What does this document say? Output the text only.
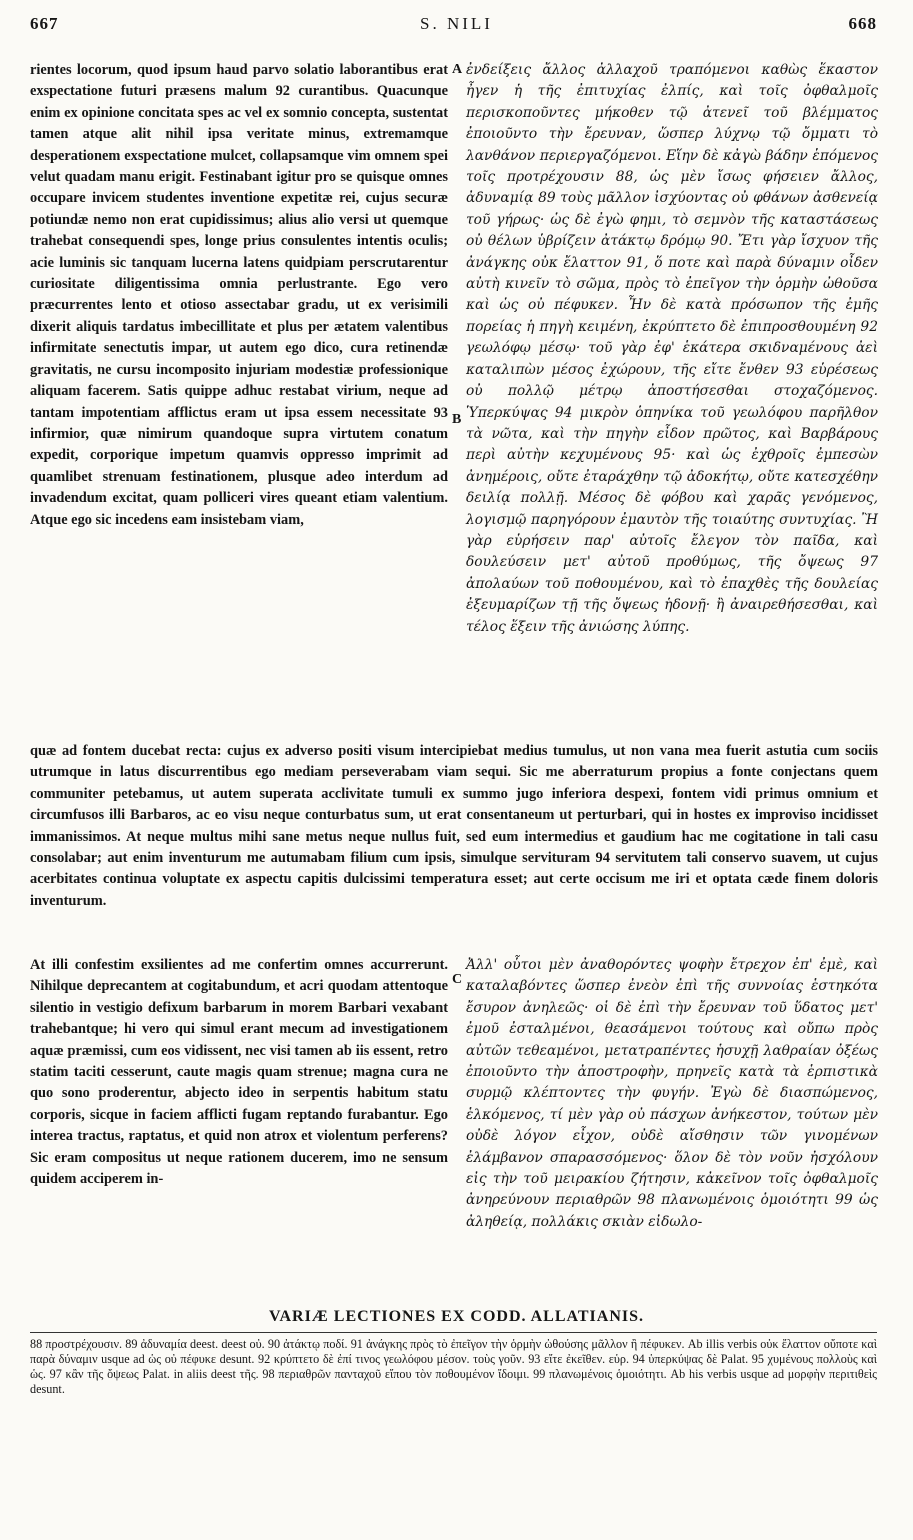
667	S. NILI	668

rientes locorum, quod ipsum haud parvo solatio laborantibus erat exspectatione futuri præsens malum 92 curantibus. Quacunque enim ex opinione concitata spes ac vel ex somnio concepta, sustentat tamen atque alit nihil ipsa veritate minus, extremamque desperationem exspectatione mulcet, collapsamque vim omnem spei velut quadam manu erigit. Festinabant igitur pro se quisque omnes occupare invicem studentes inventione expetitæ rei, cujus securæ potiundæ nemo non erat cupidissimus; alius alio versi ut quemque trahebat consequendi spes, longe prius consulentes intentis oculis; acie luminis sic tanquam lucerna latens quidpiam perscrutarentur curiositate diligentissima omnia perlustrante. Ego vero præcurrentes lento et otioso assectabar gradu, ut ex verisimili dixerit aliquis tardatus imbecillitate et plus per ætatem valentibus infirmitate senectutis impar, ut autem ego dico, cura retinendæ gravitatis, ne cursu incomposito injuriam modestiæ professionique aliquam facerem. Satis quippe adhuc restabat virium, neque ad tantam impotentiam afflictus eram ut ipsa essem necessitate 93 infirmior, quæ nimirum quandoque supra virtutem conatum expedit, corporique impetum quamvis oppresso imprimit ad quamlibet strenuam festinationem, plusque adeo interdum ad invadendum excitat, quam polliceri vires queant etiam valentium. Atque ego sic incedens eam insistebam viam,

A ἐνδείξεις ἄλλος ἀλλαχοῦ τραπόμενοι καθὼς ἕκαστον ἦγεν ἡ τῆς ἐπιτυχίας ἐλπίς, καὶ τοῖς ὀφθαλμοῖς περισκοποῦντες μήκοθεν τῷ ἀτενεῖ τοῦ βλέμματος ἐποιοῦντο τὴν ἔρευναν, ὥσπερ λύχνῳ τῷ ὄμματι τὸ λανθάνον περιεργαζόμενοι. Εἵην δὲ κἀγὼ βάδην ἑπόμενος τοῖς προτρέχουσιν 88, ὡς μὲν ἴσως φήσειεν ἄλλος, ἀδυναμίᾳ 89 τοὺς μᾶλλον ἰσχύοντας οὐ φθάνων ἀσθενείᾳ τοῦ γήρως· ὡς δὲ ἐγὼ φημι, τὸ σεμνὸν τῆς καταστάσεως οὐ θέλων ὑβρίζειν ἀτάκτῳ δρόμῳ 90. Ἔτι γὰρ ἴσχυον τῆς ἀνάγκης οὐκ ἔλαττον 91, ὅ ποτε καὶ παρὰ δύναμιν οἶδεν αὐτὴ κινεῖν τὸ σῶμα, πρὸς τὸ ἐπεῖγον τὴν ὁρμὴν ὠθοῦσα καὶ ὡς οὐ πέφυκεν. Ἦν δὲ κατὰ πρόσωπον τῆς ἐμῆς πορείας ἡ πηγὴ κειμένη, ἐκρύπτετο δὲ ἐπιπροσθουμένη 92 γεωλόφῳ μέσῳ· τοῦ γὰρ ἐφ' ἑκάτερα σκιδναμένους ἀεὶ καταλιπὼν μέσος ἐχώρουν, τῆς εἴτε ἔνθεν 93 εὑρέσεως οὐ πολλῷ μέτρῳ ἀποστήσεσθαι στοχαζόμενος. Ὑπερκύψας 94 μικρὸν ὁπηνίκα τοῦ γεωλόφου παρῆλθον τὰ νῶτα, καὶ τὴν πηγὴν εἶδον πρῶτος, καὶ Βαρβάρους περὶ αὐτὴν κεχυμένους 95· καὶ ὡς ἐχθροῖς ἐμπεσὼν ἀνημέροις, οὔτε ἐταράχθην τῷ ἀδοκήτῳ, οὔτε κατεσχέθην δειλίᾳ πολλῇ. Μέσος δὲ φόβου καὶ χαρᾶς γενόμενος, λογισμῷ παρηγόρουν ἐμαυτὸν τῆς τοιαύτης συντυχίας. Ἢ γὰρ εὑρήσειν παρ' αὐτοῖς ἔλεγον τὸν παῖδα, καὶ δουλεύσειν μετ' αὐτοῦ προθύμως, τῆς ὄψεως 97 ἀπολαύων τοῦ ποθουμένου, καὶ τὸ ἐπαχθὲς τῆς δουλείας ἐξευμαρίζων τῇ τῆς ὄψεως ἡδονῇ· ἢ ἀναιρεθήσεσθαι, καὶ τέλος ἕξειν τῆς ἀνιώσης λύπης.

B

quæ ad fontem ducebat recta: cujus ex adverso positi visum intercipiebat medius tumulus, ut non vana mea fuerit astutia cum sociis utrumque in latus discurrentibus ego mediam perseverabam viam sequi. Sic me aberraturum propius a fonte conjectans quem communiter petebamus, ut autem superata acclivitate tumuli ex summo jugo inferiora despexi, fontem vidi primus omnium et circumfusos illi Barbaros, ac eo visu neque conturbatus sum, ut erat consentaneum ut perturbari, qui in hostes ex improviso incidisset immanissimos. At neque multus mihi sane metus neque nullus fuit, sed eum intermedius et gaudium hac me cogitatione in tali casu consolabar; aut enim inventurum me autumabam filium cum ipsis, simulque servituram 94 servitutem tali conservo suavem, ut cujus acerbitates continua voluptate ex aspectu capitis dulcissimi temperatura esset; aut certe occisum me iri et optata cæde finem doloris inventurum.

At illi confestim exsilientes ad me confertim omnes accurrerunt. Nihilque deprecantem at cogitabundum, et acri quodam attentoque silentio in vestigio defixum barbarum in morem Barbari vexabant trahebantque; hi vero qui simul erant mecum ad investigationem aquæ præmissi, cum eos vidissent, nec visi tamen ab iis essent, retro statim taciti cesserunt, caute magis quam strenue; magna cura ne quo sono proderentur, abjecto ideo in serpentis habitum statu corporis, sicque in faciem afflicti fugam reptando furabantur. Ego interea tractus, raptatus, et quid non atrox et violentum perferens? Sic eram compositus ut neque rationem ducerem, imo ne sensum quidem acciperem in-

C

Ἀλλ' οὗτοι μὲν ἀναθορόντες ψοφὴν ἔτρεχον ἐπ' ἐμὲ, καὶ καταλαβόντες ὥσπερ ἐνεὸν ἐπὶ τῆς συννοίας ἑστηκότα ἔσυρον ἀνηλεῶς· οἱ δὲ ἐπὶ τὴν ἔρευναν τοῦ ὕδατος μετ' ἐμοῦ ἐσταλμένοι, θεασάμενοι τούτους καὶ οὔπω πρὸς αὐτῶν τεθεαμένοι, μετατραπέντες ἡσυχῇ λαθραίαν ὀξέως ἐποιοῦντο τὴν ἀποστροφὴν, πρηνεῖς κατὰ τὰ ἑρπιστικὰ συρμῷ κλέπτοντες τὴν φυγήν. Ἐγὼ δὲ διασπώμενος, ἑλκόμενος, τί μὲν γὰρ οὐ πάσχων ἀνήκεστον, τούτων μὲν οὐδὲ λόγον εἶχον, οὐδὲ αἴσθησιν τῶν γινομένων ἐλάμβανον σπαρασσόμενος· ὅλον δὲ τὸν νοῦν ἠσχόλουν εἰς τὴν τοῦ μειρακίου ζήτησιν, κἀκεῖνον τοῖς ὀφθαλμοῖς ἀνηρεύνουν περιαθρῶν 98 πλανωμένοις ὁμοιότητι 99 ὡς ἀληθείᾳ, πολλάκις σκιὰν εἰδωλο-

VARIÆ LECTIONES EX CODD. ALLATIANIS.

88 προστρέχουσιν. 89 ἀδυναμία deest. deest οὐ. 90 ἀτάκτῳ ποδί. 91 ἀνάγκης πρὸς τὸ ἐπεῖγον τὴν ὁρμὴν ὠθούσης μᾶλλον ἢ πέφυκεν. Ab illis verbis οὐκ ἔλαττον οὔποτε καὶ παρὰ δύναμιν usque ad ὡς οὐ πέφυκε desunt. 92 κρύπτετο δὲ ἐπί τινος γεωλόφου μέσον. τοὺς γοῦν. 93 εἴτε ἐκεῖθεν. εὑρ. 94 ὑπερκύψας δὲ Palat. 95 χυμένους πολλοὺς καὶ ὡς. 97 κἂν τῆς ὄψεως Palat. in aliis deest τῆς. 98 περιαθρῶν πανταχοῦ εἴπου τὸν ποθουμένον ἴδοιμι. 99 πλανωμένοις ὁμοιότητι. Ab his verbis usque ad μορφὴν περιτιθεὶς desunt.
